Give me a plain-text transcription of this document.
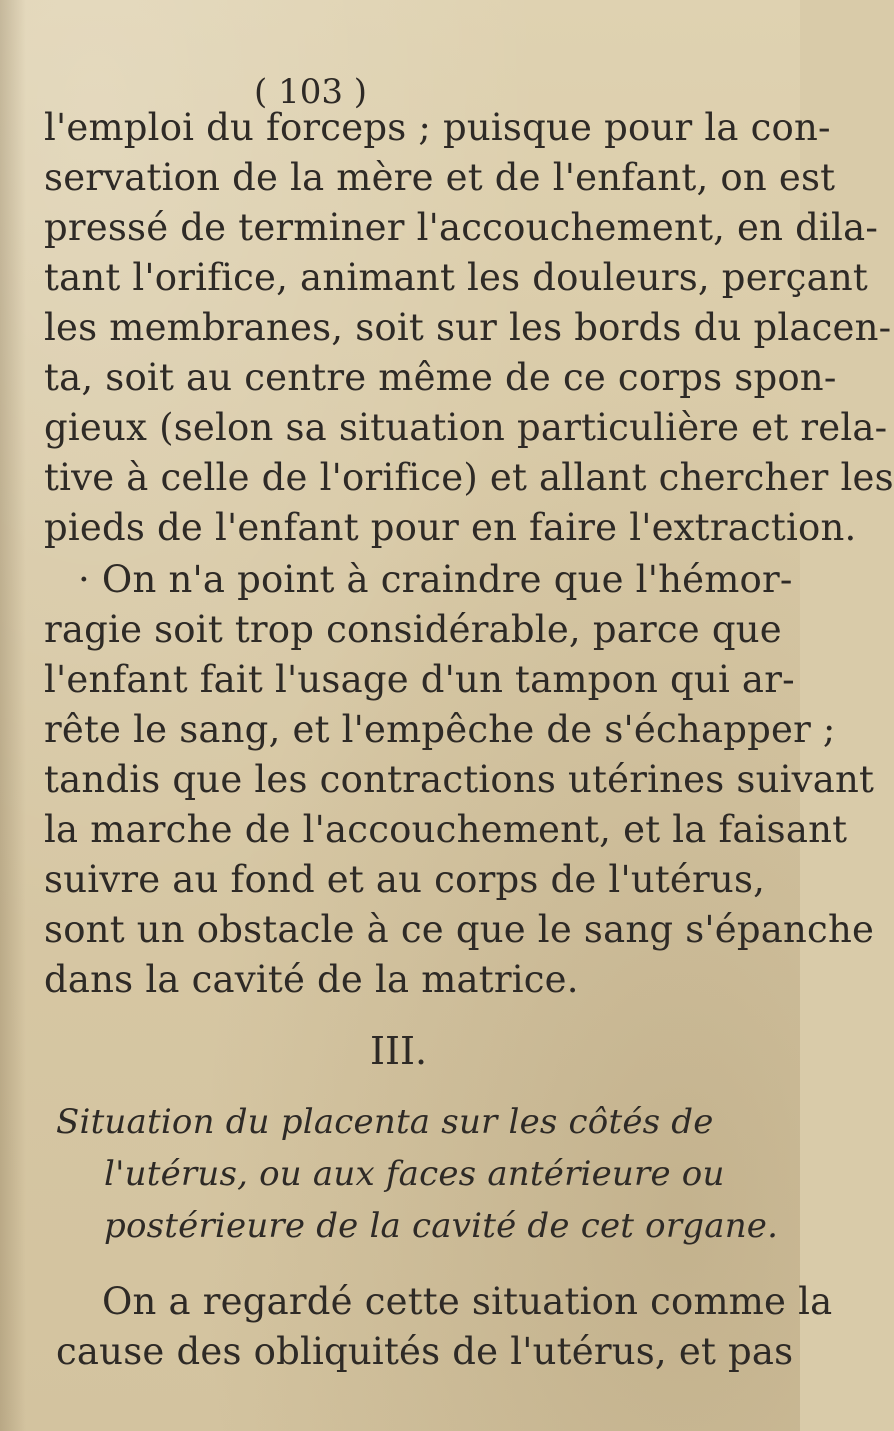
( 103 )
l'emploi du forceps ; puisque pour la con-
servation de la mère et de l'enfant, on est
pressé de terminer l'accouchement, en dila-
tant l'orifice, animant les douleurs, perçant
les membranes, soit sur les bords du placen-
ta, soit au centre même de ce corps spon-
gieux (selon sa situation particulière et rela-
tive à celle de l'orifice) et allant chercher les
pieds de l'enfant pour en faire l'extraction.
· On n'a point à craindre que l'hémor-
ragie soit trop considérable, parce que
l'enfant fait l'usage d'un tampon qui ar-
rête le sang, et l'empêche de s'échapper ;
tandis que les contractions utérines suivant
la marche de l'accouchement, et la faisant
suivre au fond et au corps de l'utérus,
sont un obstacle à ce que le sang s'épanche
dans la cavité de la matrice.
III.
Situation du placenta sur les côtés de
l'utérus, ou aux faces antérieure ou
postérieure de la cavité de cet organe.
On a regardé cette situation comme la
cause des obliquités de l'utérus, et pas
